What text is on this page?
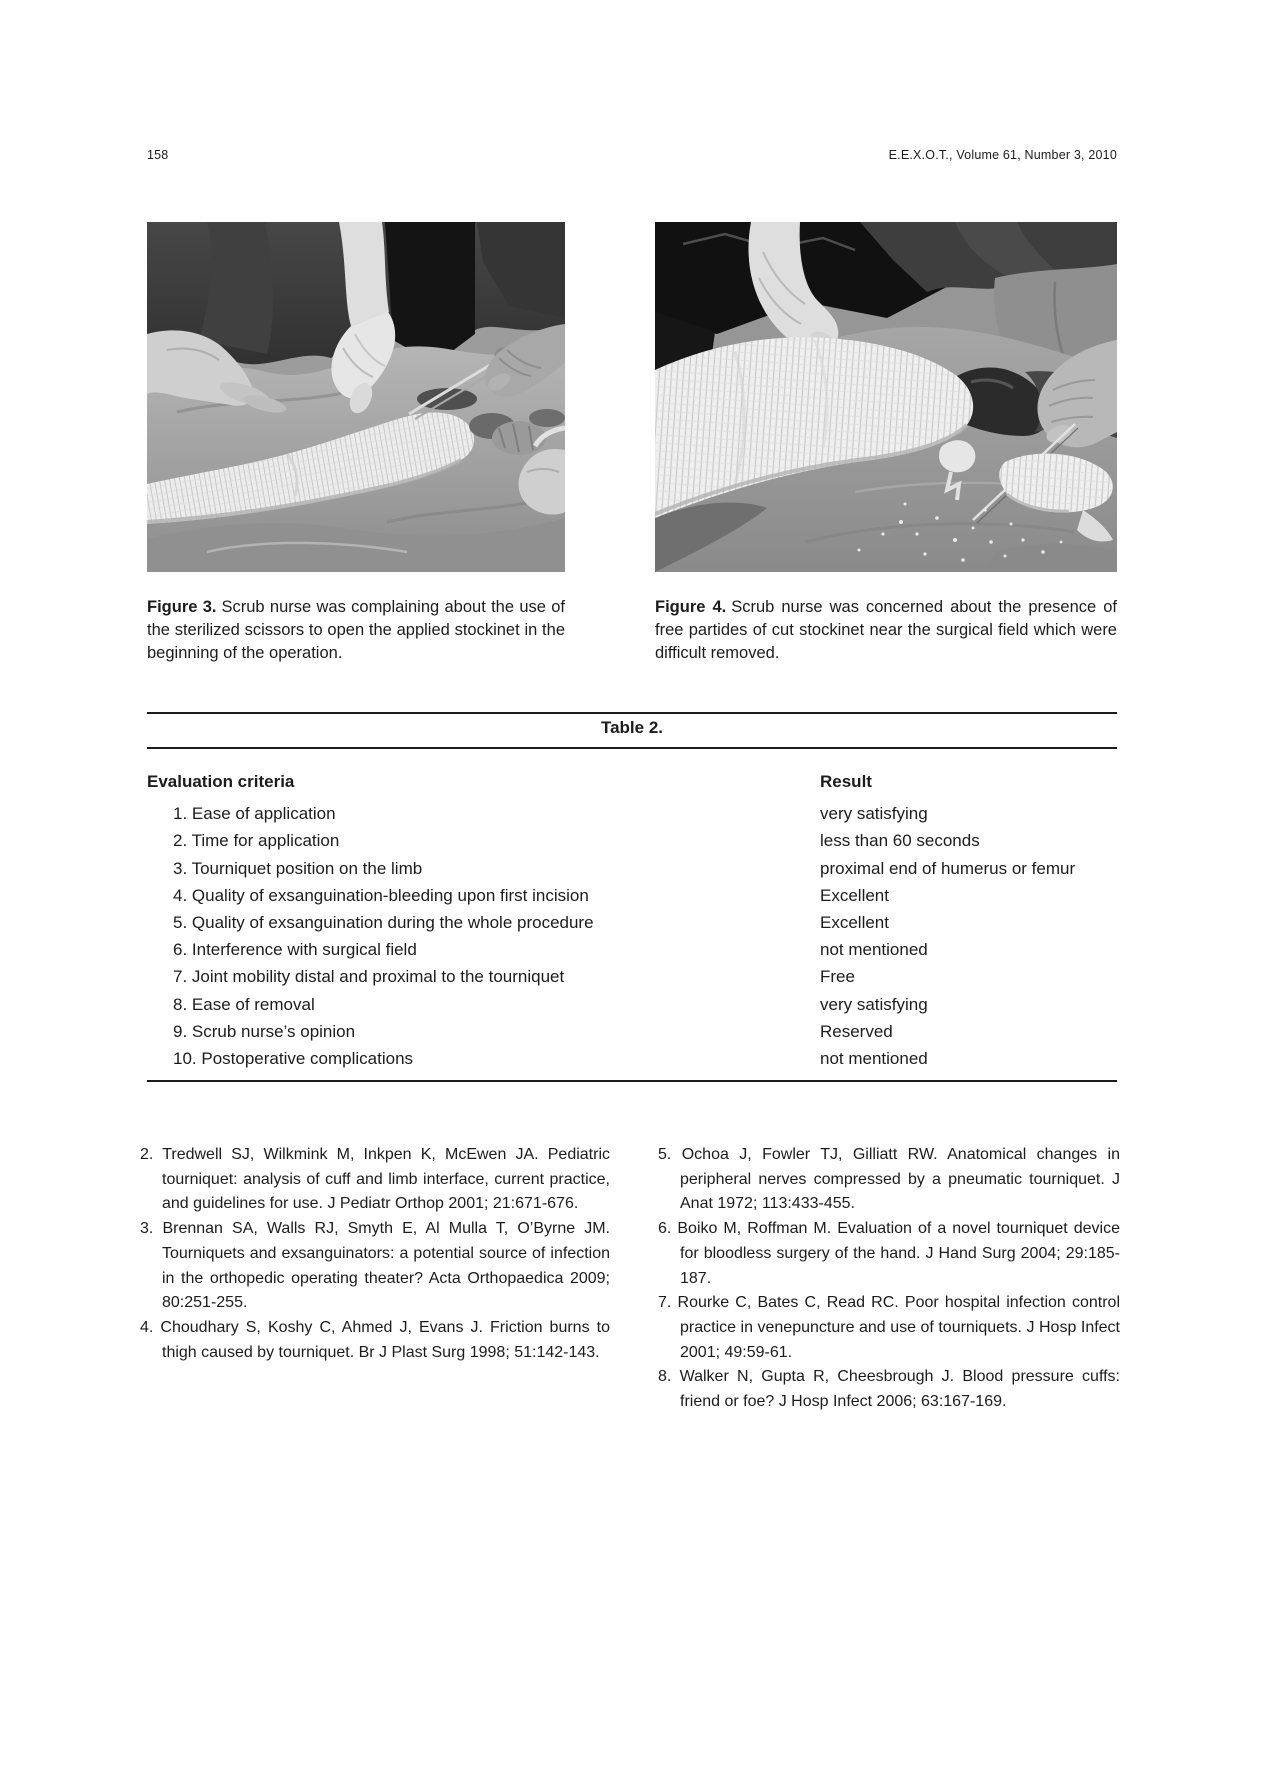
158	E.E.X.O.T., Volume 61, Number 3, 2010
Figure 3. Scrub nurse was complaining about the use of the sterilized scissors to open the applied stockinet in the beginning of the operation.
Figure 4. Scrub nurse was concerned about the presence of free partides of cut stockinet near the surgical field which were difficult removed.
Table 2.
Evaluation criteria	Result
1. Ease of application	very satisfying
2. Time for application	less than 60 seconds
3. Tourniquet position on the limb	proximal end of humerus or femur
4. Quality of exsanguination-bleeding upon first incision	Excellent
5. Quality of exsanguination during the whole procedure	Excellent
6. Interference with surgical field	not mentioned
7. Joint mobility distal and proximal to the tourniquet	Free
8. Ease of removal	very satisfying
9. Scrub nurse’s opinion	Reserved
10. Postoperative complications	not mentioned
2. Tredwell SJ, Wilkmink M, Inkpen K, McEwen JA. Pediatric tourniquet: analysis of cuff and limb interface, current practice, and guidelines for use. J Pediatr Orthop 2001; 21:671-676.
3. Brennan SA, Walls RJ, Smyth E, Al Mulla T, O’Byrne JM. Tourniquets and exsanguinators: a potential source of infection in the orthopedic operating theater? Acta Orthopaedica 2009; 80:251-255.
4. Choudhary S, Koshy C, Ahmed J, Evans J. Friction burns to thigh caused by tourniquet. Br J Plast Surg 1998; 51:142-143.
5. Ochoa J, Fowler TJ, Gilliatt RW. Anatomical changes in peripheral nerves compressed by a pneumatic tourniquet. J Anat 1972; 113:433-455.
6. Boiko M, Roffman M. Evaluation of a novel tourniquet device for bloodless surgery of the hand. J Hand Surg 2004; 29:185-187.
7. Rourke C, Bates C, Read RC. Poor hospital infection control practice in venepuncture and use of tourniquets. J Hosp Infect 2001; 49:59-61.
8. Walker N, Gupta R, Cheesbrough J. Blood pressure cuffs: friend or foe? J Hosp Infect 2006; 63:167-169.
